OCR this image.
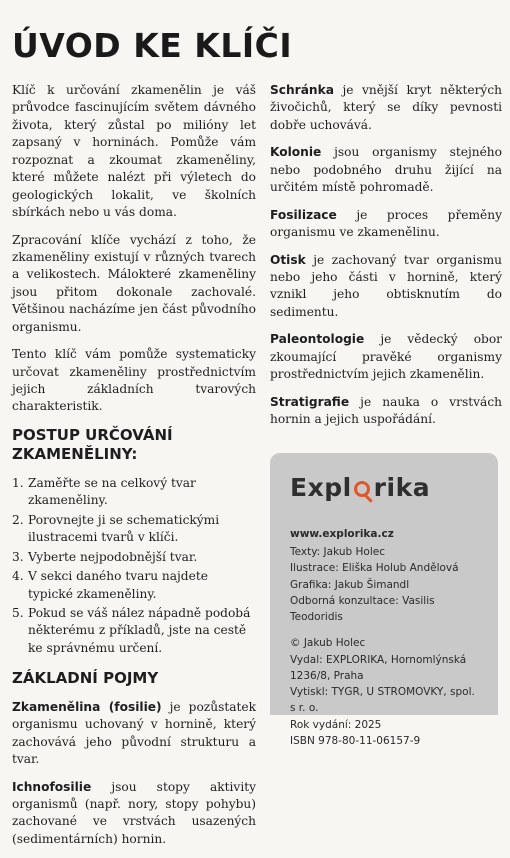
ÚVOD KE KLÍČI

Klíč k určování zkamenělin je váš průvodce fascinujícím světem dávného života, který zůstal po milióny let zapsaný v horninách. Pomůže vám rozpoznat a zkoumat zkameněliny, které můžete nalézt při výletech do geologických lokalit, ve školních sbírkách nebo u vás doma.

Zpracování klíče vychází z toho, že zkameněliny existují v různých tvarech a velikostech. Málokteré zkameněliny jsou přitom dokonale zachovalé. Většinou nacházíme jen část původního organismu.

Tento klíč vám pomůže systematicky určovat zkameněliny prostřednictvím jejich základních tvarových charakteristik.

POSTUP URČOVÁNÍ
ZKAMENĚLINY:
1. Zaměřte se na celkový tvar zkameněliny.
2. Porovnejte ji se schematickými ilustracemi tvarů v klíči.
3. Vyberte nejpodobnější tvar.
4. V sekci daného tvaru najdete typické zkameněliny.
5. Pokud se váš nález nápadně podobá některému z příkladů, jste na cestě ke správnému určení.
ZÁKLADNÍ POJMY

Zkamenělina (fosilie) je pozůstatek organismu uchovaný v hornině, který zachovává jeho původní strukturu a tvar.

Ichnofosilie jsou stopy aktivity organismů (např. nory, stopy pohybu) zachované ve vrstvách usazených (sedimentárních) hornin.

Schránka je vnější kryt některých živočichů, který se díky pevnosti dobře uchovává.

Kolonie jsou organismy stejného nebo podobného druhu žijící na určitém místě pohromadě.

Fosilizace je proces přeměny organismu ve zkamenělinu.

Otisk je zachovaný tvar organismu nebo jeho části v hornině, který vznikl jeho obtisknutím do sedimentu.

Paleontologie je vědecký obor zkoumající pravěké organismy prostřednictvím jejich zkamenělin.

Stratigrafie je nauka o vrstvách hornin a jejich uspořádání.

Expl rika
www.explorika.cz
Texty: Jakub Holec
Ilustrace: Eliška Holub Andělová
Grafika: Jakub Šimandl
Odborná konzultace: Vasilis Teodoridis
© Jakub Holec
Vydal: EXPLORIKA, Hornomlýnská 1236/8, Praha
Vytiskl: TYGR, U STROMOVKY, spol. s r. o.
Rok vydání: 2025
ISBN 978-80-11-06157-9
